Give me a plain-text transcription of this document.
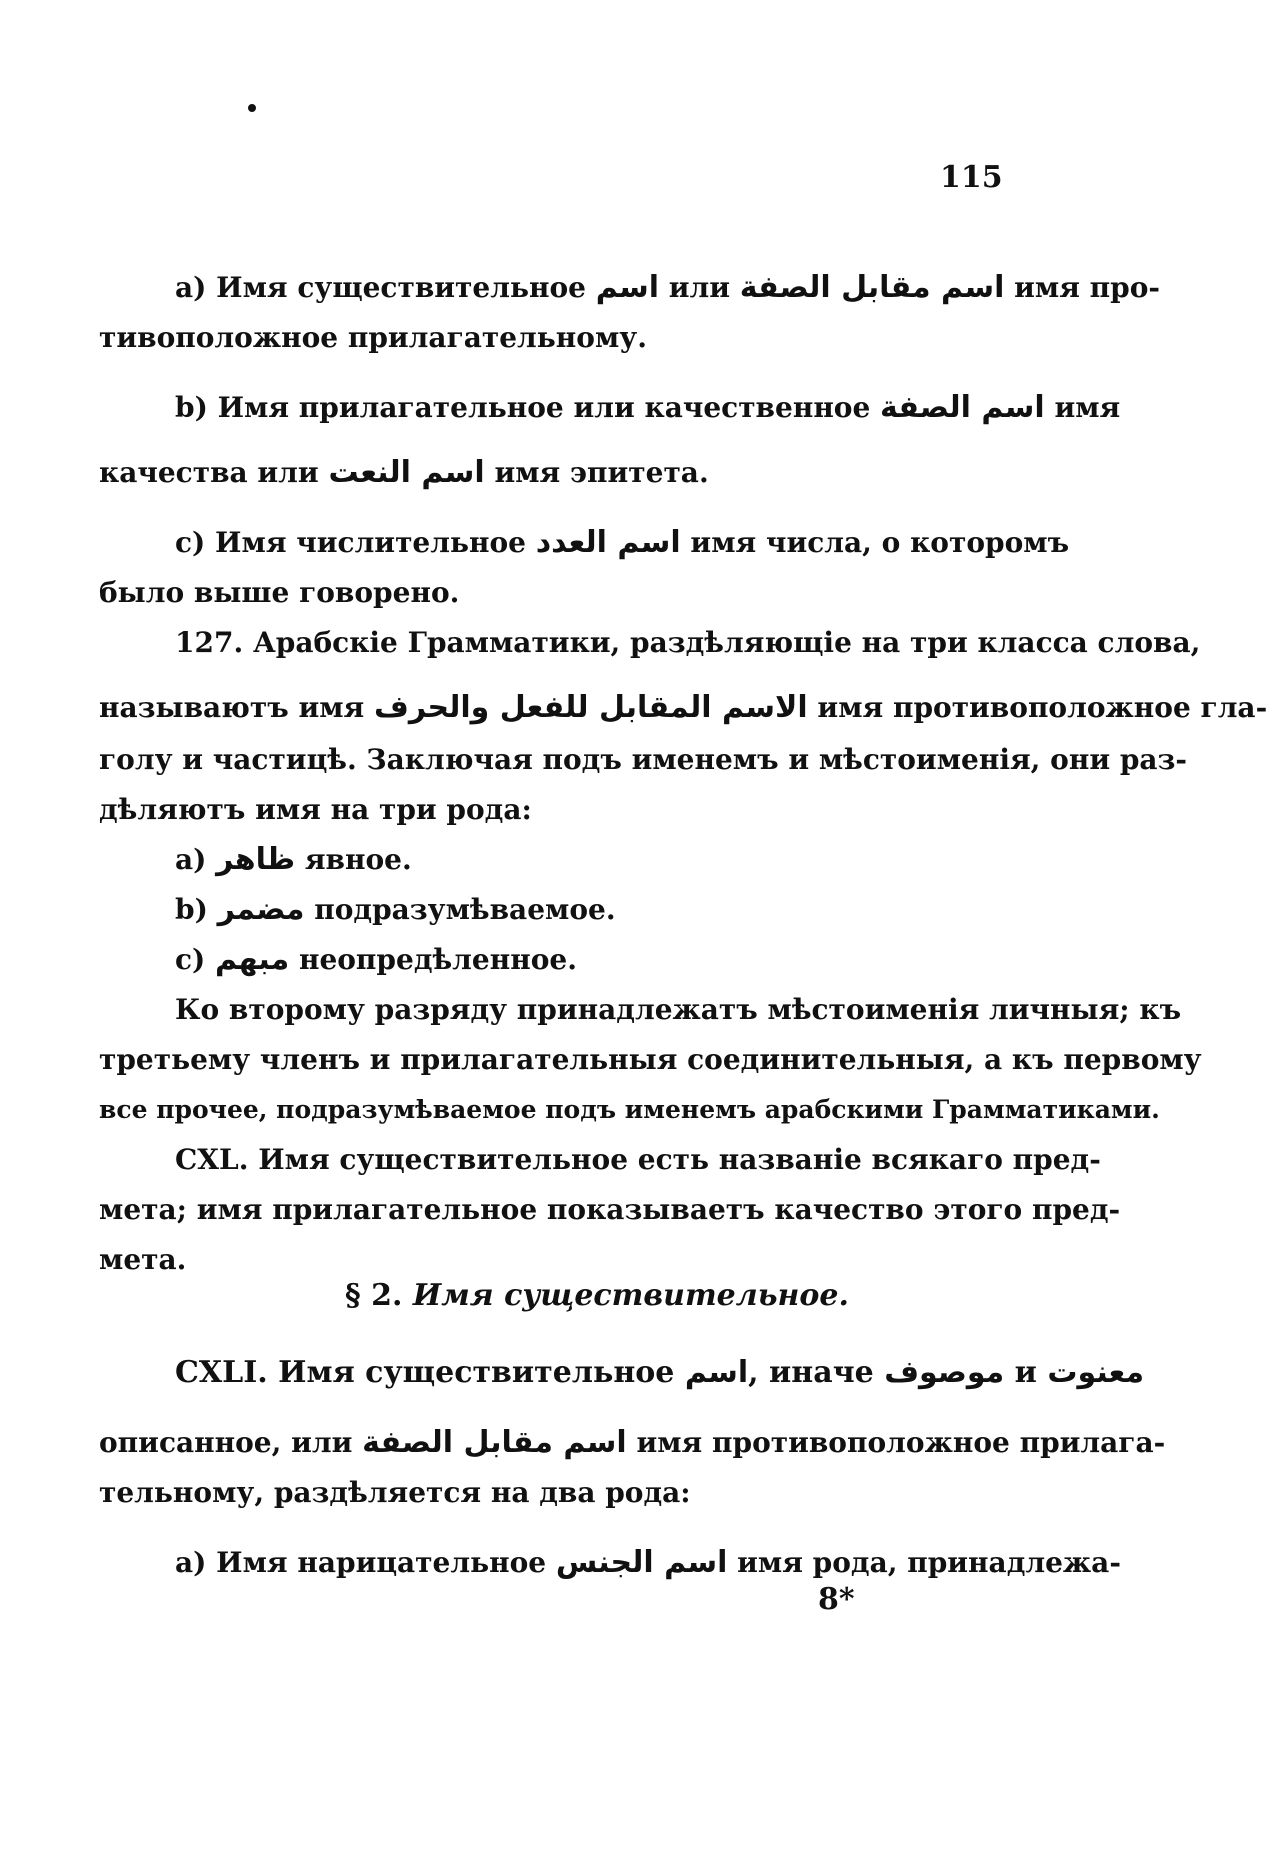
115
a) Имя существительное اسم или اسم مقابل الصفة имя про-
тивоположное прилагательному.
b) Имя прилагательное или качественное اسم الصفة имя
качества или اسم النعت имя эпитета.
c) Имя числительное اسم العدد имя числа, о которомъ
было выше говорено.
127. Арабскіе Грамматики, раздѣляющіе на три класса слова,
называютъ имя الاسم المقابل للفعل والحرف имя противоположное гла-
голу и частицѣ. Заключая подъ именемъ и мѣстоименія, они раз-
дѣляютъ имя на три рода:
a) ظاهر явное.
b) مضمر подразумѣваемое.
c) مبهم неопредѣленное.
Ко второму разряду принадлежатъ мѣстоименія личныя; къ
третьему членъ и прилагательныя соединительныя, а къ первому
все прочее, подразумѣваемое подъ именемъ арабскими Грамматиками.
CXL. Имя существительное есть названіе всякаго пред-
мета; имя прилагательное показываетъ качество этого пред-
мета.
§ 2. Имя существительное.
CXLI. Имя существительное اسم, иначе موصوف и معنوت
описанное, или اسم مقابل الصفة имя противоположное прилага-
тельному, раздѣляется на два рода:
a) Имя нарицательное اسم الجنس имя рода, принадлежа-
8*
